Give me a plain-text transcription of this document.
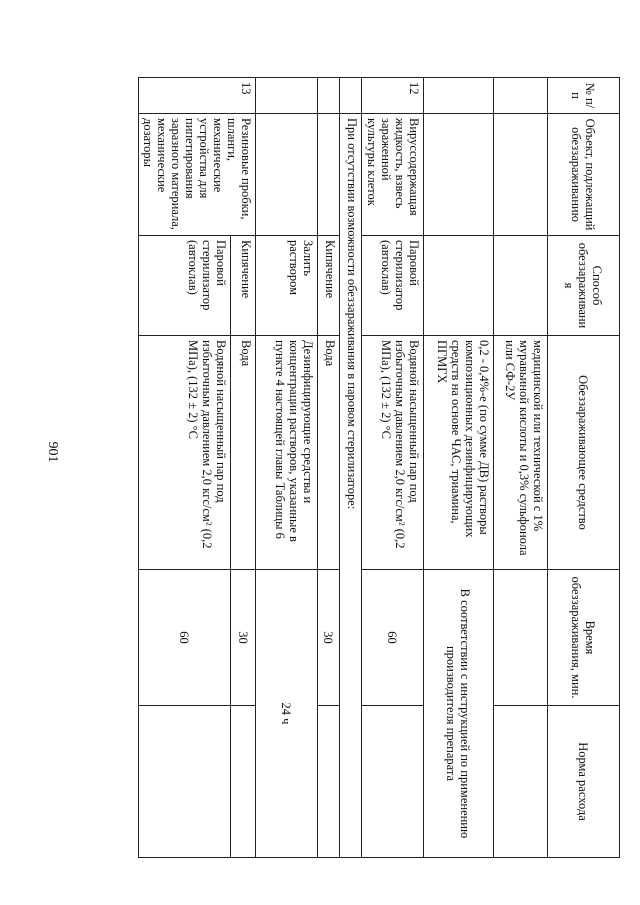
901
№ п/п	Объект, подлежащий обеззараживанию	Способ обеззараживания	Обеззараживающее средство	Время обеззараживания, мин.	Норма расхода
			медицинской или технической с 1% муравьиной кислоты и 0,3% сульфонола или СФ-2У		
			0,2 - 0,4%-е (по сумме ДВ) растворы композиционных дезинфицирующих средств на основе ЧАС, триамина, ПГМГХ	В соответствии с инструкцией по применению производителя препарата	
12	Вируссодержащая жидкость, взвесь зараженной культуры клеток	Паровой стерилизатор (автоклав)	Водяной насыщенный пар под избыточным давлением 2,0 кгс/см² (0,2 МПа), (132 ± 2) °С	60	
	При отсутствии возможности обеззараживания в паровом стерилизаторе:				
		Кипячение	Вода	30	
		Залить раствором	Дезинфицирующие средства и концентрации растворов, указанные в пункте 4 настоящей главы Таблицы 6	24 ч	
13	Резиновые пробки, шланги, механические устройства для пипетирования заразного материала, механические дозаторы	Кипячение	Вода	30	
		Паровой стерилизатор (автоклав)	Водяной насыщенный пар под избыточным давлением 2,0 кгс/см² (0,2 МПа), (132 ± 2) °С	60	
